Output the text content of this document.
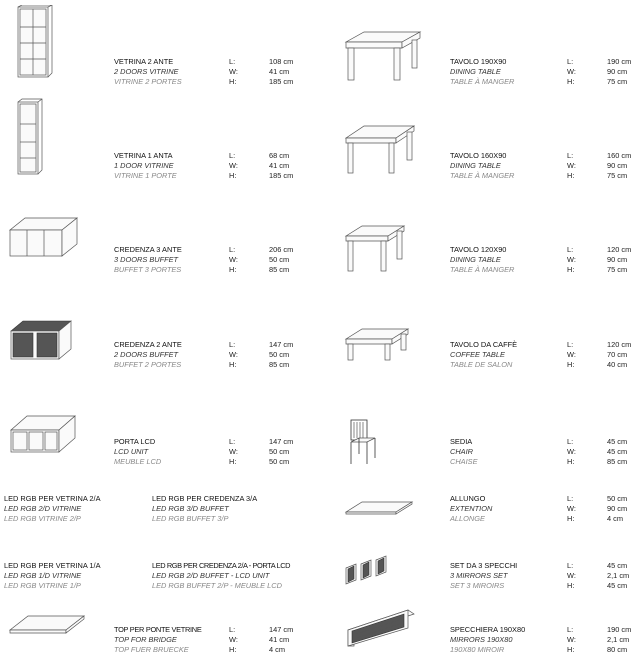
VETRINA 2 ANTE
2 DOORS VITRINE
VITRINE 2 PORTES
L:	108 cm
W:	41 cm
H:	185 cm
VETRINA 1 ANTA
1 DOOR VITRINE
VITRINE 1 PORTE
L:	68 cm
W:	41 cm
H:	185 cm
CREDENZA 3 ANTE
3 DOORS BUFFET
BUFFET 3 PORTES
L:	206 cm
W:	50 cm
H:	85 cm
CREDENZA 2 ANTE
2 DOORS BUFFET
BUFFET 2 PORTES
L:	147 cm
W:	50 cm
H:	85 cm
PORTA LCD
LCD UNIT
MEUBLE LCD
L:	147 cm
W:	50 cm
H:	50 cm
LED RGB PER VETRINA 2/A
LED RGB 2/D VITRINE
LED RGB VITRINE 2/P
LED RGB PER CREDENZA 3/A
LED RGB 3/D BUFFET
LED RGB BUFFET 3/P
LED RGB PER VETRINA 1/A
LED RGB 1/D VITRINE
LED RGB VITRINE 1/P
LED RGB PER CREDENZA 2/A - PORTA LCD
LED RGB 2/D BUFFET - LCD UNIT
LED RGB BUFFET 2/P - MEUBLE LCD
TOP PER PONTE VETRINE
TOP FOR BRIDGE
TOP FUER BRUECKE
L:	147 cm
W:	41 cm
H:	4 cm
TAVOLO 190X90
DINING TABLE
TABLE À MANGER
L:	190 cm
W:	90 cm
H:	75 cm
TAVOLO 160X90
DINING TABLE
TABLE À MANGER
L:	160 cm
W:	90 cm
H:	75 cm
TAVOLO 120X90
DINING TABLE
TABLE À MANGER
L:	120 cm
W:	90 cm
H:	75 cm
TAVOLO DA CAFFÈ
COFFEE TABLE
TABLE DE SALON
L:	120 cm
W:	70 cm
H:	40 cm
SEDIA
CHAIR
CHAISE
L:	45 cm
W:	45 cm
H:	85 cm
ALLUNGO
EXTENTION
ALLONGE
L:	50 cm
W:	90 cm
H:	4 cm
SET DA 3 SPECCHI
3 MIRRORS SET
SET 3 MIROIRS
L:	45 cm
W:	2,1 cm
H:	45 cm
SPECCHIERA 190X80
MIRRORS 190X80
190X80 MIROIR
L:	190 cm
W:	2,1 cm
H:	80 cm
